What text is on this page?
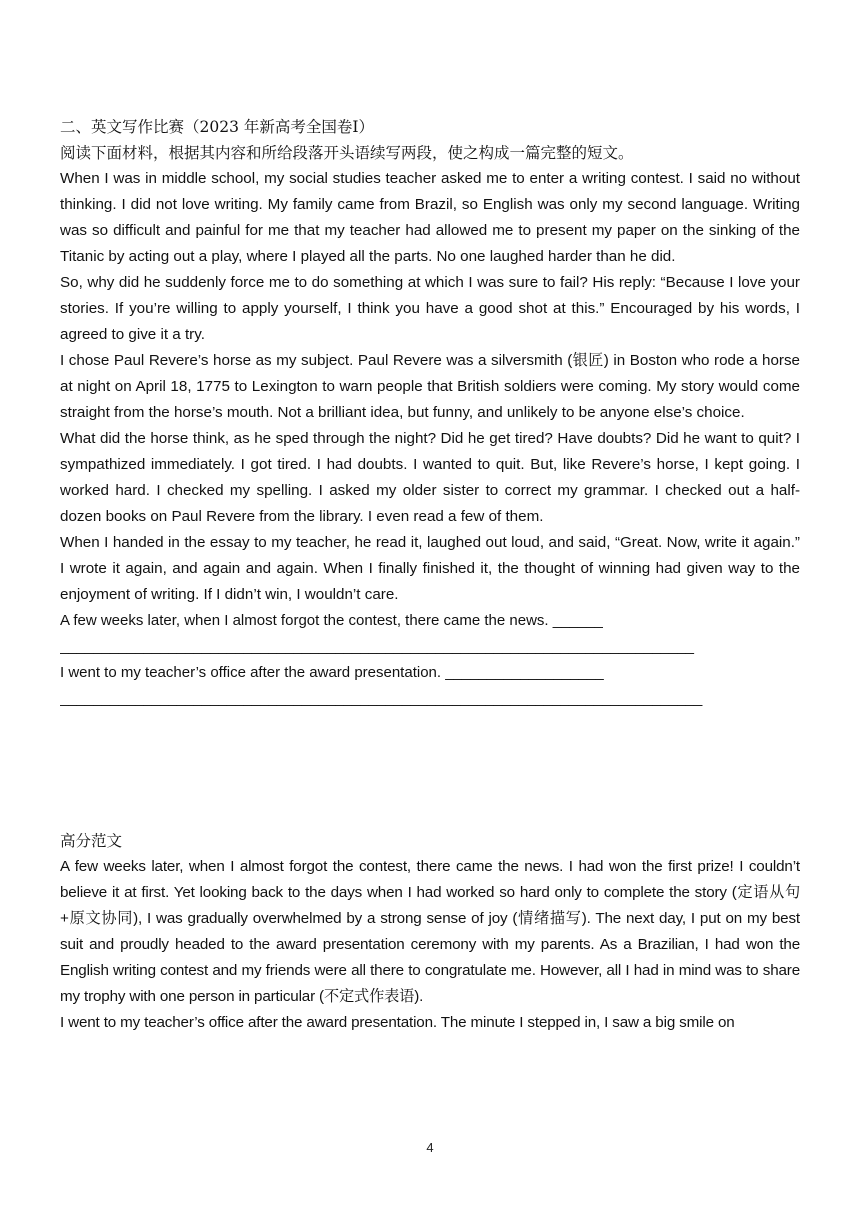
二、英文写作比赛（2023 年新高考全国卷Ⅰ）

阅读下面材料，根据其内容和所给段落开头语续写两段，使之构成一篇完整的短文。

When I was in middle school, my social studies teacher asked me to enter a writing contest. I said no without thinking. I did not love writing. My family came from Brazil, so English was only my second language. Writing was so difficult and painful for me that my teacher had allowed me to present my paper on the sinking of the Titanic by acting out a play, where I played all the parts. No one laughed harder than he did.

So, why did he suddenly force me to do something at which I was sure to fail? His reply: “Because I love your stories. If you’re willing to apply yourself, I think you have a good shot at this.” Encouraged by his words, I agreed to give it a try.

I chose Paul Revere’s horse as my subject. Paul Revere was a silversmith (银匠) in Boston who rode a horse at night on April 18, 1775 to Lexington to warn people that British soldiers were coming. My story would come straight from the horse’s mouth. Not a brilliant idea, but funny, and unlikely to be anyone else’s choice.

What did the horse think, as he sped through the night? Did he get tired? Have doubts? Did he want to quit? I sympathized immediately. I got tired. I had doubts. I wanted to quit. But, like Revere’s horse, I kept going. I worked hard. I checked my spelling. I asked my older sister to correct my grammar. I checked out a half-dozen books on Paul Revere from the library. I even read a few of them.

When I handed in the essay to my teacher, he read it, laughed out loud, and said, “Great. Now, write it again.” I wrote it again, and again and again. When I finally finished it, the thought of winning had given way to the enjoyment of writing. If I didn’t win, I wouldn’t care.

A few weeks later, when I almost forgot the contest, there came the news. ______

____________________________________________________________________________

I went to my teacher’s office after the award presentation. ___________________

_____________________________________________________________________________

高分范文

A few weeks later, when I almost forgot the contest, there came the news. I had won the first prize! I couldn’t believe it at first. Yet looking back to the days when I had worked so hard only to complete the story (定语从句+原文协同), I was gradually overwhelmed by a strong sense of joy (情绪描写). The next day, I put on my best suit and proudly headed to the award presentation ceremony with my parents. As a Brazilian, I had won the English writing contest and my friends were all there to congratulate me. However, all I had in mind was to share my trophy with one person in particular (不定式作表语).

I went to my teacher’s office after the award presentation. The minute I stepped in, I saw a big smile on

4
